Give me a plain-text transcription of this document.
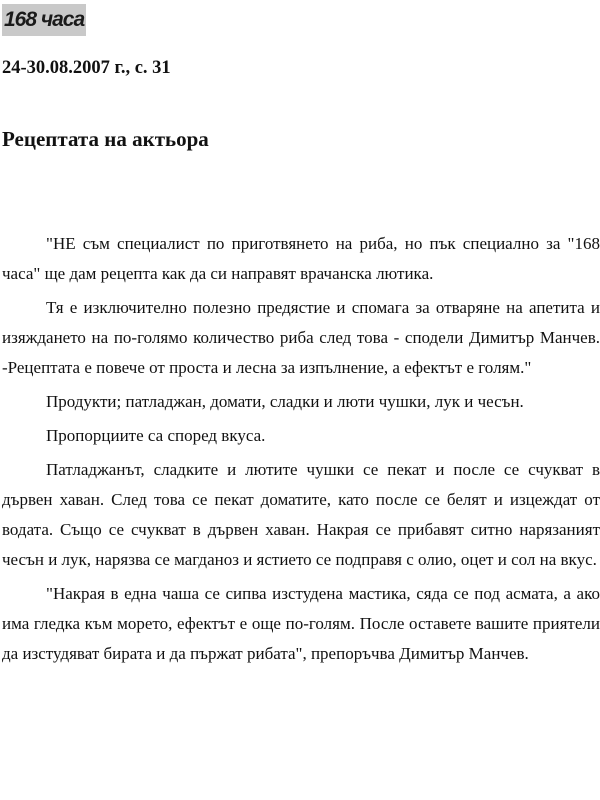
168 часа
24-30.08.2007 г., с. 31
Рецептата на актьора

"НЕ съм специалист по приготвянето на риба, но пък специално за "168 часа" ще дам рецепта как да си направят врачанска лютика.

Тя е изключително полезно предястие и спомага за отваряне на апетита и изяждането на по-голямо количество риба след това - сподели Димитър Манчев. -Рецептата е повече от проста и лесна за изпълнение, а ефектът е голям."

Продукти; патладжан, домати, сладки и люти чушки, лук и чесън.

Пропорциите са според вкуса.

Патладжанът, сладките и лютите чушки се пекат и после се счукват в дървен хаван. След това се пекат доматите, като после се белят и изцеждат от водата. Също се счукват в дървен хаван. Накрая се прибавят ситно нарязаният чесън и лук, нарязва се магданоз и ястието се подправя с олио, оцет и сол на вкус.

"Накрая в една чаша се сипва изстудена мастика, сяда се под асмата, а ако има гледка към морето, ефектът е още по-голям. После оставете вашите приятели да изстудяват бирата и да пържат рибата", препоръчва Димитър Манчев.
